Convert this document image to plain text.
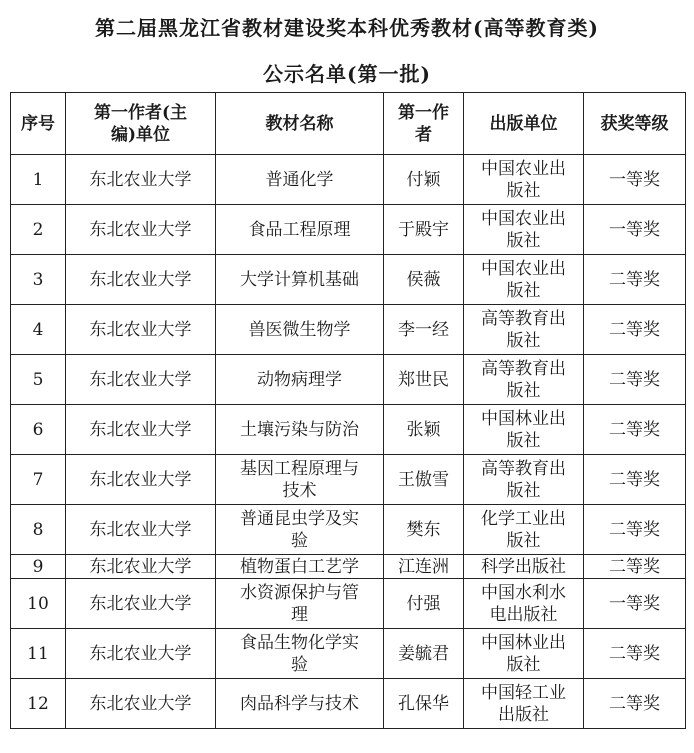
第二届黑龙江省教材建设奖本科优秀教材(高等教育类)
公示名单(第一批)
序号	第一作者(主编)单位	教材名称	第一作者	出版单位	获奖等级
1	东北农业大学	普通化学	付颖	中国农业出版社	一等奖
2	东北农业大学	食品工程原理	于殿宇	中国农业出版社	一等奖
3	东北农业大学	大学计算机基础	侯薇	中国农业出版社	二等奖
4	东北农业大学	兽医微生物学	李一经	高等教育出版社	二等奖
5	东北农业大学	动物病理学	郑世民	高等教育出版社	二等奖
6	东北农业大学	土壤污染与防治	张颖	中国林业出版社	二等奖
7	东北农业大学	基因工程原理与技术	王傲雪	高等教育出版社	二等奖
8	东北农业大学	普通昆虫学及实验	樊东	化学工业出版社	二等奖
9	东北农业大学	植物蛋白工艺学	江连洲	科学出版社	二等奖
10	东北农业大学	水资源保护与管理	付强	中国水利水电出版社	一等奖
11	东北农业大学	食品生物化学实验	姜毓君	中国林业出版社	二等奖
12	东北农业大学	肉品科学与技术	孔保华	中国轻工业出版社	二等奖
